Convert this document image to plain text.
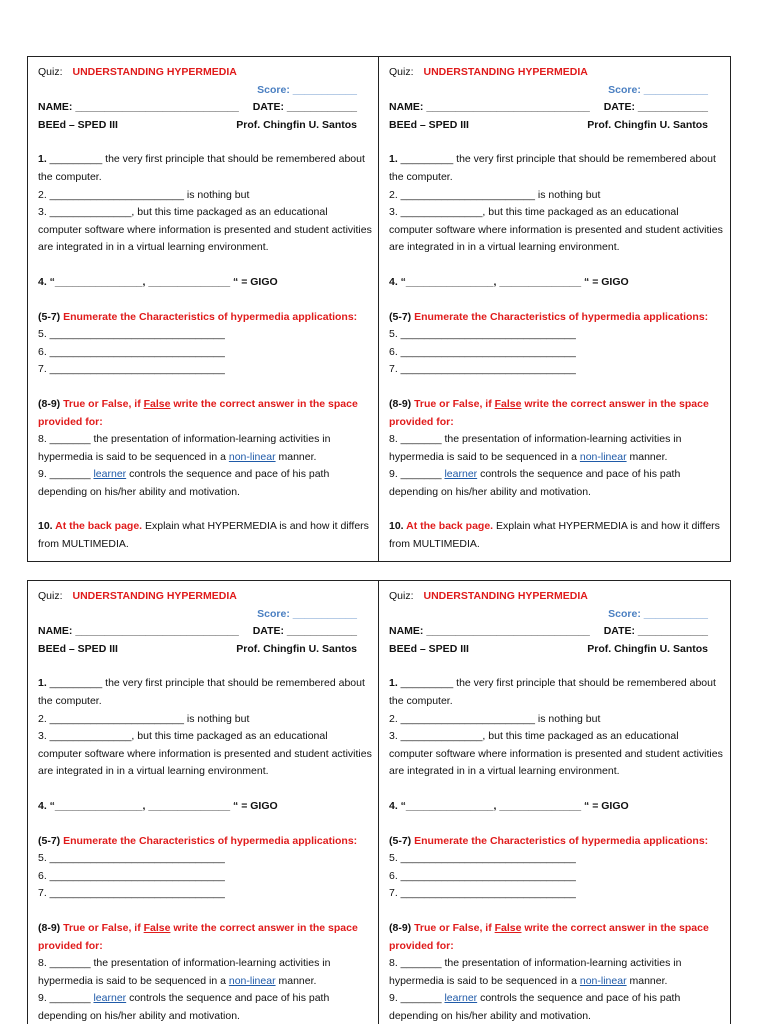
Quiz: UNDERSTANDING HYPERMEDIA
Score: ___________
NAME: ____________________________ DATE: ____________
BEEd – SPED III	Prof. Chingfin U. Santos
1. _________ the very first principle that should be remembered about the computer.
2. _______________________ is nothing but
3. ______________, but this time packaged as an educational computer software where information is presented and student activities are integrated in in a virtual learning environment.
4. “_______________, ______________ “ = GIGO
(5-7) Enumerate the Characteristics of hypermedia applications:
5. ______________________________
6. ______________________________
7. ______________________________
(8-9) True or False, if False write the correct answer in the space provided for:
8. _______ the presentation of information-learning activities in hypermedia is said to be sequenced in a non-linear manner.
9. _______ learner controls the sequence and pace of his path depending on his/her ability and motivation.
10. At the back page. Explain what HYPERMEDIA is and how it differs from MULTIMEDIA.
Quiz: UNDERSTANDING HYPERMEDIA
Score: ___________
NAME: ____________________________ DATE: ____________
BEEd – SPED III	Prof. Chingfin U. Santos
1. _________ the very first principle that should be remembered about the computer.
2. _______________________ is nothing but
3. ______________, but this time packaged as an educational computer software where information is presented and student activities are integrated in in a virtual learning environment.
4. “_______________, ______________ “ = GIGO
(5-7) Enumerate the Characteristics of hypermedia applications:
5. ______________________________
6. ______________________________
7. ______________________________
(8-9) True or False, if False write the correct answer in the space provided for:
8. _______ the presentation of information-learning activities in hypermedia is said to be sequenced in a non-linear manner.
9. _______ learner controls the sequence and pace of his path depending on his/her ability and motivation.
10. At the back page. Explain what HYPERMEDIA is and how it differs from MULTIMEDIA.
Quiz: UNDERSTANDING HYPERMEDIA
Score: ___________
NAME: ____________________________ DATE: ____________
BEEd – SPED III	Prof. Chingfin U. Santos
1. _________ the very first principle that should be remembered about the computer.
2. _______________________ is nothing but
3. ______________, but this time packaged as an educational computer software where information is presented and student activities are integrated in in a virtual learning environment.
4. “_______________, ______________ “ = GIGO
(5-7) Enumerate the Characteristics of hypermedia applications:
5. ______________________________
6. ______________________________
7. ______________________________
(8-9) True or False, if False write the correct answer in the space provided for:
8. _______ the presentation of information-learning activities in hypermedia is said to be sequenced in a non-linear manner.
9. _______ learner controls the sequence and pace of his path depending on his/her ability and motivation.
Quiz: UNDERSTANDING HYPERMEDIA
Score: ___________
NAME: ____________________________ DATE: ____________
BEEd – SPED III	Prof. Chingfin U. Santos
1. _________ the very first principle that should be remembered about the computer.
2. _______________________ is nothing but
3. ______________, but this time packaged as an educational computer software where information is presented and student activities are integrated in in a virtual learning environment.
4. “_______________, ______________ “ = GIGO
(5-7) Enumerate the Characteristics of hypermedia applications:
5. ______________________________
6. ______________________________
7. ______________________________
(8-9) True or False, if False write the correct answer in the space provided for:
8. _______ the presentation of information-learning activities in hypermedia is said to be sequenced in a non-linear manner.
9. _______ learner controls the sequence and pace of his path depending on his/her ability and motivation.
